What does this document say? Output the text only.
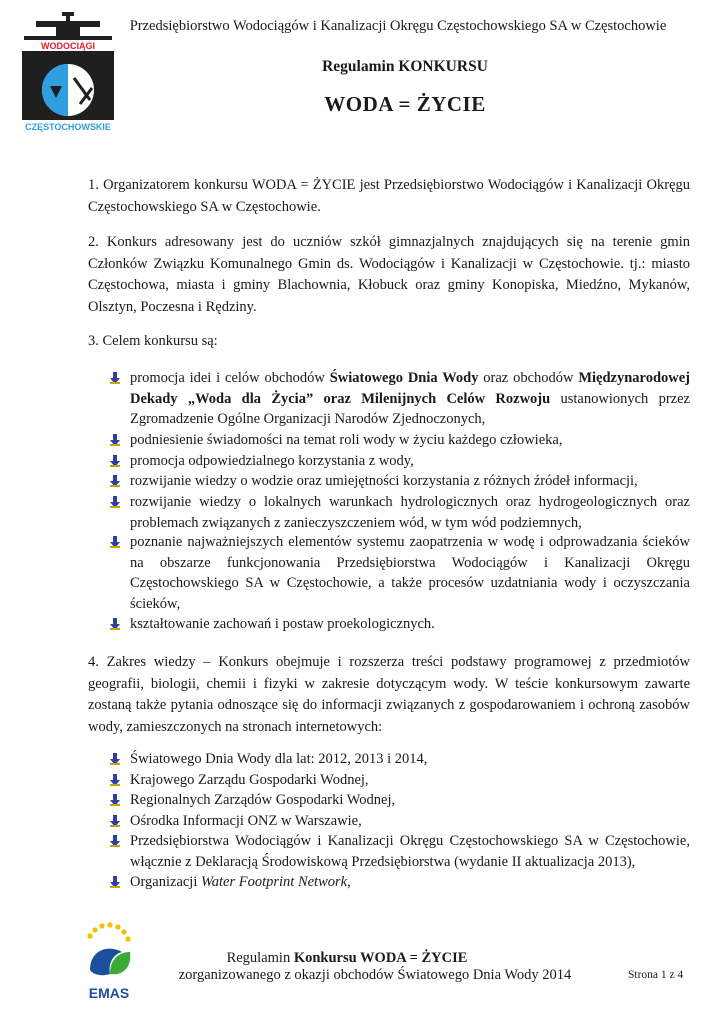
WODOCIĄGI
CZĘSTOCHOWSKIE
Przedsiębiorstwo Wodociągów i Kanalizacji Okręgu Częstochowskiego SA w Częstochowie
Regulamin KONKURSU
WODA = ŻYCIE

1. Organizatorem konkursu WODA = ŻYCIE jest Przedsiębiorstwo Wodociągów i Kanalizacji Okręgu Częstochowskiego SA w Częstochowie.

2. Konkurs adresowany jest do uczniów szkół gimnazjalnych znajdujących się na terenie gmin Członków Związku Komunalnego Gmin ds. Wodociągów i Kanalizacji w Częstochowie. tj.: miasto Częstochowa, miasta i gminy Blachownia, Kłobuck oraz gminy Konopiska, Miedźno, Mykanów, Olsztyn, Poczesna i Rędziny.

3. Celem konkursu są:

promocja idei i celów obchodów Światowego Dnia Wody oraz obchodów Międzynarodowej Dekady „Woda dla Życia” oraz Milenijnych Celów Rozwoju ustanowionych przez Zgromadzenie Ogólne Organizacji Narodów Zjednoczonych,
podniesienie świadomości na temat roli wody w życiu każdego człowieka,
promocja odpowiedzialnego korzystania z wody,
rozwijanie wiedzy o wodzie oraz umiejętności korzystania z różnych źródeł informacji,
rozwijanie wiedzy o lokalnych warunkach hydrologicznych oraz hydrogeologicznych oraz problemach związanych z zanieczyszczeniem wód, w tym wód podziemnych,
poznanie najważniejszych elementów systemu zaopatrzenia w wodę i odprowadzania ścieków na obszarze funkcjonowania Przedsiębiorstwa Wodociągów i Kanalizacji Okręgu Częstochowskiego SA w Częstochowie, a także procesów uzdatniania wody i oczyszczania ścieków,
kształtowanie zachowań i postaw proekologicznych.

4. Zakres wiedzy – Konkurs obejmuje i rozszerza treści podstawy programowej z przedmiotów geografii, biologii, chemii i fizyki w zakresie dotyczącym wody. W teście konkursowym zawarte zostaną także pytania odnoszące się do informacji związanych z gospodarowaniem i ochroną zasobów wody, zamieszczonych na stronach internetowych:

Światowego Dnia Wody dla lat: 2012, 2013 i 2014,
Krajowego Zarządu Gospodarki Wodnej,
Regionalnych Zarządów Gospodarki Wodnej,
Ośrodka Informacji ONZ w Warszawie,
Przedsiębiorstwa Wodociągów i Kanalizacji Okręgu Częstochowskiego SA w Częstochowie, włącznie z Deklaracją Środowiskową Przedsiębiorstwa (wydanie II aktualizacja 2013),
Organizacji Water Footprint Network,
EMAS
Regulamin Konkursu WODA = ŻYCIE
zorganizowanego z okazji obchodów Światowego Dnia Wody 2014	Strona 1 z 4
